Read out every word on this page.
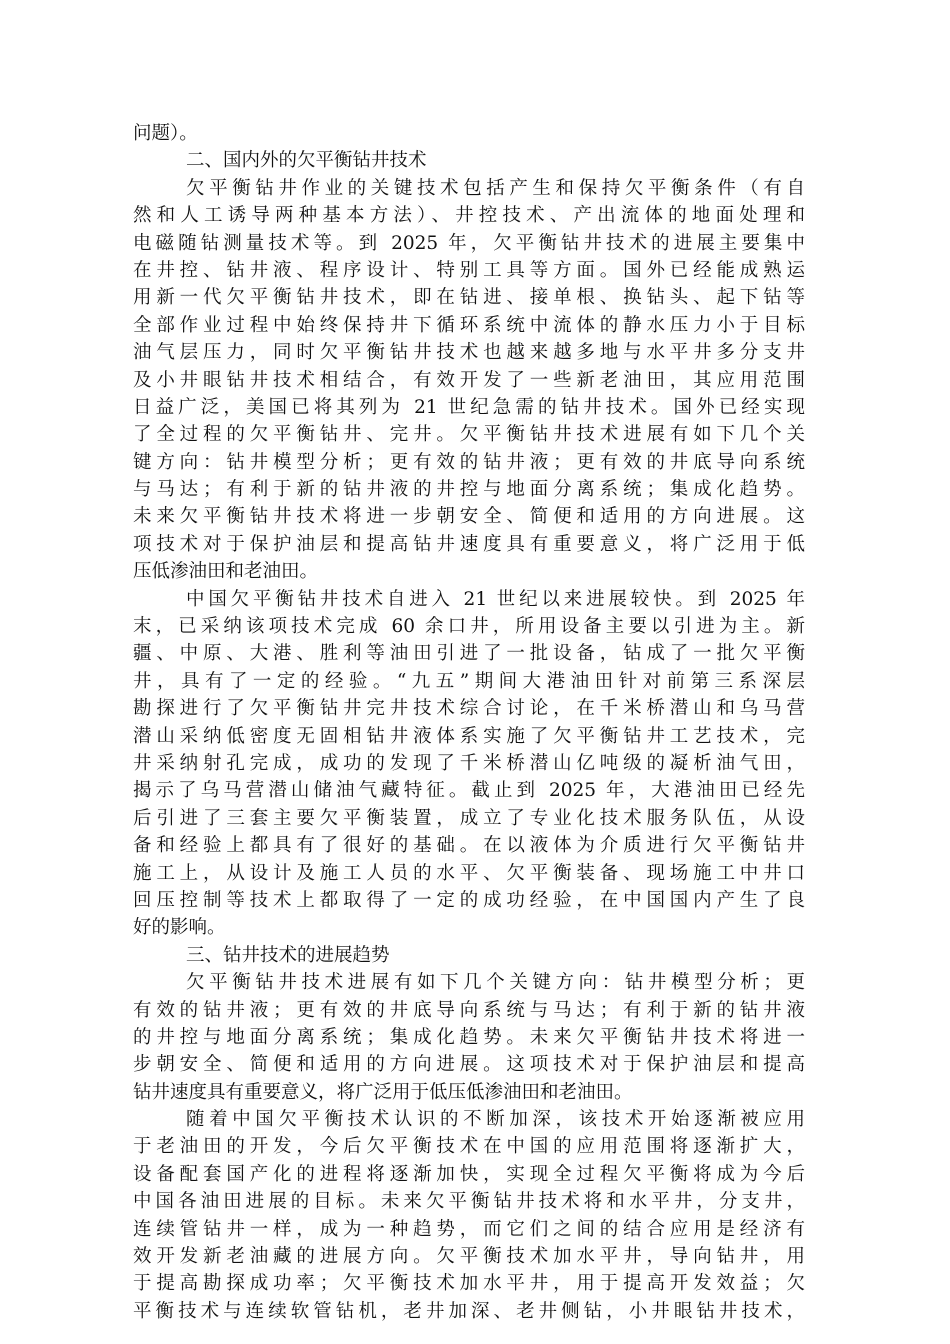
问题）。
二、国内外的欠平衡钻井技术
欠平衡钻井作业的关键技术包括产生和保持欠平衡条件（有自
然和人工诱导两种基本方法）、井控技术、产出流体的地面处理和
电磁随钻测量技术等。到 2025 年，欠平衡钻井技术的进展主要集中
在井控、钻井液、程序设计、特别工具等方面。国外已经能成熟运
用新一代欠平衡钻井技术，即在钻进、接单根、换钻头、起下钻等
全部作业过程中始终保持井下循环系统中流体的静水压力小于目标
油气层压力，同时欠平衡钻井技术也越来越多地与水平井多分支井
及小井眼钻井技术相结合，有效开发了一些新老油田，其应用范围
日益广泛，美国已将其列为 21 世纪急需的钻井技术。国外已经实现
了全过程的欠平衡钻井、完井。欠平衡钻井技术进展有如下几个关
键方向：钻井模型分析；更有效的钻井液；更有效的井底导向系统
与马达；有利于新的钻井液的井控与地面分离系统；集成化趋势。
未来欠平衡钻井技术将进一步朝安全、简便和适用的方向进展。这
项技术对于保护油层和提高钻井速度具有重要意义，将广泛用于低
压低渗油田和老油田。
中国欠平衡钻井技术自进入 21 世纪以来进展较快。到 2025 年
末，已采纳该项技术完成 60 余口井，所用设备主要以引进为主。新
疆、中原、大港、胜利等油田引进了一批设备，钻成了一批欠平衡
井，具有了一定的经验。“九五”期间大港油田针对前第三系深层
勘探进行了欠平衡钻井完井技术综合讨论，在千米桥潜山和乌马营
潜山采纳低密度无固相钻井液体系实施了欠平衡钻井工艺技术，完
井采纳射孔完成，成功的发现了千米桥潜山亿吨级的凝析油气田，
揭示了乌马营潜山储油气藏特征。截止到 2025 年，大港油田已经先
后引进了三套主要欠平衡装置，成立了专业化技术服务队伍，从设
备和经验上都具有了很好的基础。在以液体为介质进行欠平衡钻井
施工上，从设计及施工人员的水平、欠平衡装备、现场施工中井口
回压控制等技术上都取得了一定的成功经验，在中国国内产生了良
好的影响。
三、钻井技术的进展趋势
欠平衡钻井技术进展有如下几个关键方向：钻井模型分析；更
有效的钻井液；更有效的井底导向系统与马达；有利于新的钻井液
的井控与地面分离系统；集成化趋势。未来欠平衡钻井技术将进一
步朝安全、简便和适用的方向进展。这项技术对于保护油层和提高
钻井速度具有重要意义，将广泛用于低压低渗油田和老油田。
随着中国欠平衡技术认识的不断加深，该技术开始逐渐被应用
于老油田的开发，今后欠平衡技术在中国的应用范围将逐渐扩大，
设备配套国产化的进程将逐渐加快，实现全过程欠平衡将成为今后
中国各油田进展的目标。未来欠平衡钻井技术将和水平井，分支井，
连续管钻井一样，成为一种趋势，而它们之间的结合应用是经济有
效开发新老油藏的进展方向。欠平衡技术加水平井，导向钻井，用
于提高勘探成功率；欠平衡技术加水平井，用于提高开发效益；欠
平衡技术与连续软管钻机，老井加深、老井侧钻，小井眼钻井技术，
